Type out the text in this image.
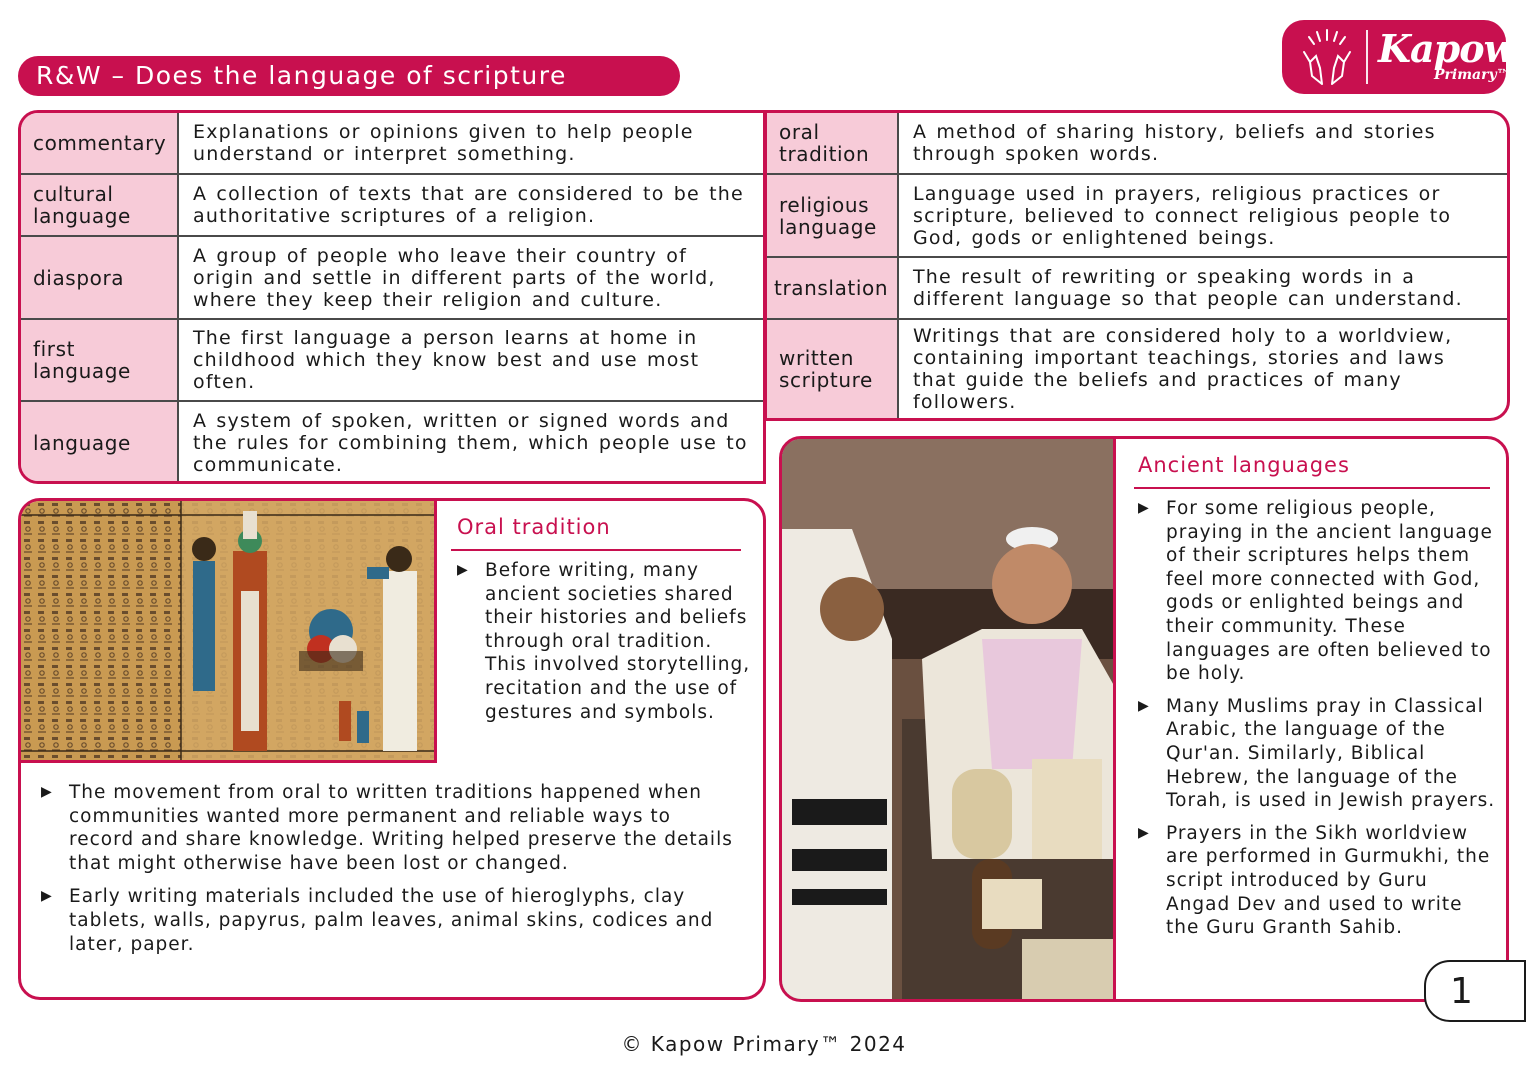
R&W – Does the language of scripture
Kapow
Primary™
commentary	Explanations or opinions given to help people understand or interpret something.
cultural language
A collection of texts that are considered to be the authoritative scriptures of a religion.
diaspora
A group of people who leave their country of origin and settle in different parts of the world, where they keep their religion and culture.
first language
The first language a person learns at home in childhood which they know best and use most often.
language
A system of spoken, written or signed words and the rules for combining them, which people use to communicate.
oral tradition
A method of sharing history, beliefs and stories through spoken words.
religious language
Language used in prayers, religious practices or scripture, believed to connect religious people to God, gods or enlightened beings.
translation	The result of rewriting or speaking words in a different language so that people can understand.
written scripture
Writings that are considered holy to a worldview, containing important teachings, stories and laws that guide the beliefs and practices of many followers.
Oral tradition
▶ Before writing, many ancient societies shared their histories and beliefs through oral tradition. This involved storytelling, recitation and the use of gestures and symbols.
▶ The movement from oral to written traditions happened when communities wanted more permanent and reliable ways to record and share knowledge. Writing helped preserve the details that might otherwise have been lost or changed.
▶ Early writing materials included the use of hieroglyphs, clay tablets, walls, papyrus, palm leaves, animal skins, codices and later, paper.
Ancient languages
▶ For some religious people, praying in the ancient language of their scriptures helps them feel more connected with God, gods or enlighted beings and their community. These languages are often believed to be holy.
▶ Many Muslims pray in Classical Arabic, the language of the Qur'an. Similarly, Biblical Hebrew, the language of the Torah, is used in Jewish prayers.
▶ Prayers in the Sikh worldview are performed in Gurmukhi, the script introduced by Guru Angad Dev and used to write the Guru Granth Sahib.
1
© Kapow Primary™ 2024
